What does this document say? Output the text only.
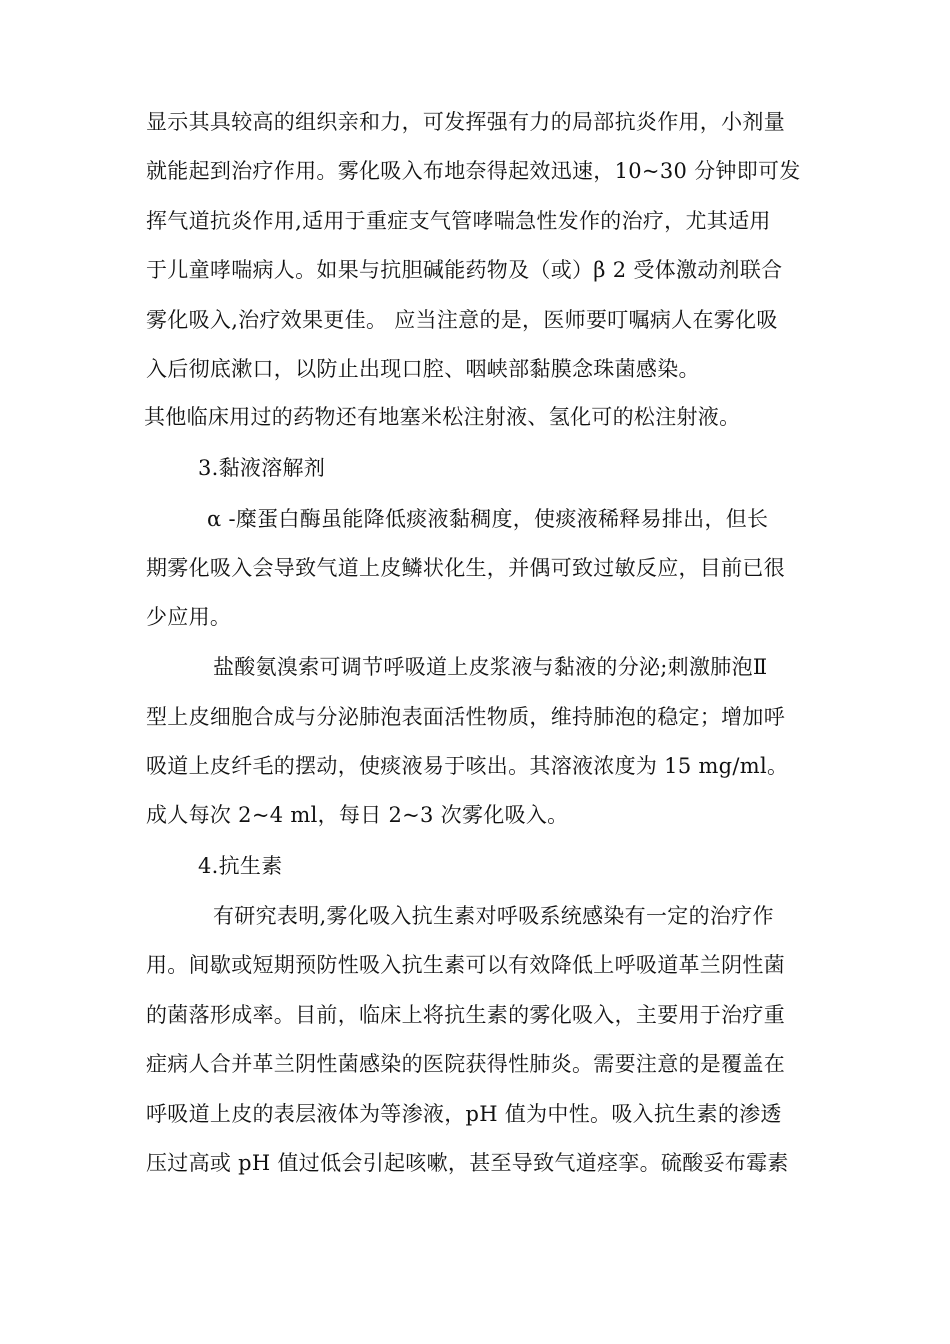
显示其具较高的组织亲和力，可发挥强有力的局部抗炎作用，小剂量
就能起到治疗作用。雾化吸入布地奈得起效迅速，10~30 分钟即可发
挥气道抗炎作用,适用于重症支气管哮喘急性发作的治疗，尤其适用
于儿童哮喘病人。如果与抗胆碱能药物及（或）β 2 受体激动剂联合
雾化吸入,治疗效果更佳。 应当注意的是，医师要叮嘱病人在雾化吸
入后彻底漱口，以防止出现口腔、咽峡部黏膜念珠菌感染。
其他临床用过的药物还有地塞米松注射液、氢化可的松注射液。
3.黏液溶解剂
α -糜蛋白酶虽能降低痰液黏稠度，使痰液稀释易排出，但长
期雾化吸入会导致气道上皮鳞状化生，并偶可致过敏反应，目前已很
少应用。
盐酸氨溴索可调节呼吸道上皮浆液与黏液的分泌;刺激肺泡Ⅱ
型上皮细胞合成与分泌肺泡表面活性物质，维持肺泡的稳定；增加呼
吸道上皮纤毛的摆动，使痰液易于咳出。其溶液浓度为 15 mg/ml。
成人每次 2~4 ml，每日 2~3 次雾化吸入。
4.抗生素
有研究表明,雾化吸入抗生素对呼吸系统感染有一定的治疗作
用。间歇或短期预防性吸入抗生素可以有效降低上呼吸道革兰阴性菌
的菌落形成率。目前，临床上将抗生素的雾化吸入，主要用于治疗重
症病人合并革兰阴性菌感染的医院获得性肺炎。需要注意的是覆盖在
呼吸道上皮的表层液体为等渗液，pH 值为中性。吸入抗生素的渗透
压过高或 pH 值过低会引起咳嗽，甚至导致气道痉挛。硫酸妥布霉素
